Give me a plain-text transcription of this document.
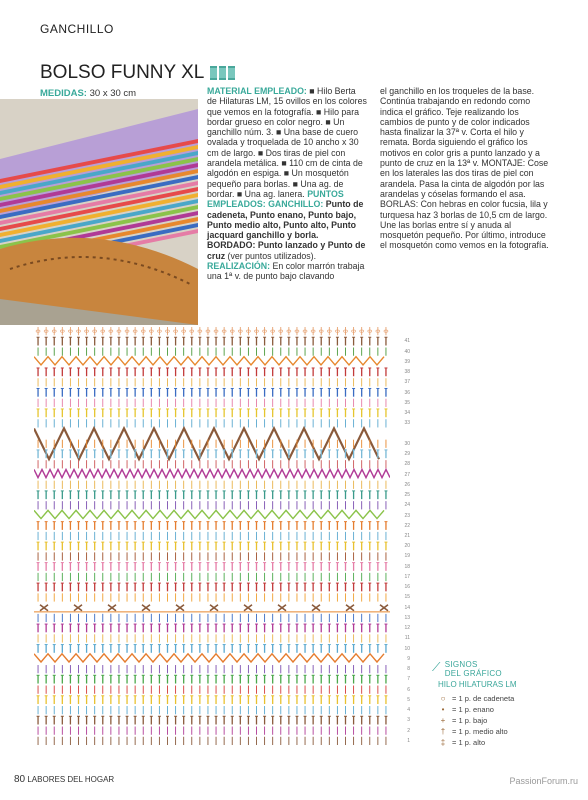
GANCHILLO
BOLSO FUNNY XL
MEDIDAS: 30 x 30 cm	MATERIAL EMPLEADO: ■ Hilo Berta de Hilaturas LM, 15 ovillos en los colores que vemos en la fotografía. ■ Hilo para bordar grueso en color negro. ■ Un ganchillo núm. 3. ■ Una base de cuero ovalada y troquelada de 10 ancho x 30 cm de largo. ■ Dos tiras de piel con arandela metálica. ■ 110 cm de cinta de algodón en espiga. ■ Un mosquetón pequeño para borlas. ■ Una ag. de bordar. ■ Una ag. lanera. PUNTOS EMPLEADOS: GANCHILLO: Punto de cadeneta, Punto enano, Punto bajo, Punto medio alto, Punto alto, Punto jacquard ganchillo y borla. BORDADO: Punto lanzado y Punto de cruz (ver puntos utilizados). REALIZACIÓN: En color marrón trabaja una 1ª v. de punto bajo clavando
el ganchillo en los troqueles de la base. Continúa trabajando en redondo como indica el gráfico. Teje realizando los cambios de punto y de color indicados hasta finalizar la 37ª v. Corta el hilo y remata. Borda siguiendo el gráfico los motivos en color gris a punto lanzado y a punto de cruz en la 13ª v. MONTAJE: Cose en los laterales las dos tiras de piel con arandela. Pasa la cinta de algodón por las arandelas y cóselas formando el asa. BORLAS: Con hebras en color fucsia, lila y turquesa haz 3 borlas de 10,5 cm de largo. Une las borlas entre sí y anuda al mosquetón pequeño. Por último, introduce el mosquetón como vemos en la fotografía.
41
40
39
38
37
36
35
34
33
30
29
28
27
26
25
24
23
22
21
20
19
18
17
16
15
14
13
12
11
10
9
8
7
6
5
4
3
2
1
⟋ SIGNOS
DEL GRÁFICO
HILO HILATURAS LM
○ = 1 p. de cadeneta
•	= 1 p. enano
+ = 1 p. bajo
† = 1 p. medio alto
‡ = 1 p. alto
80 LABORES DEL HOGAR	PassionForum.ru
